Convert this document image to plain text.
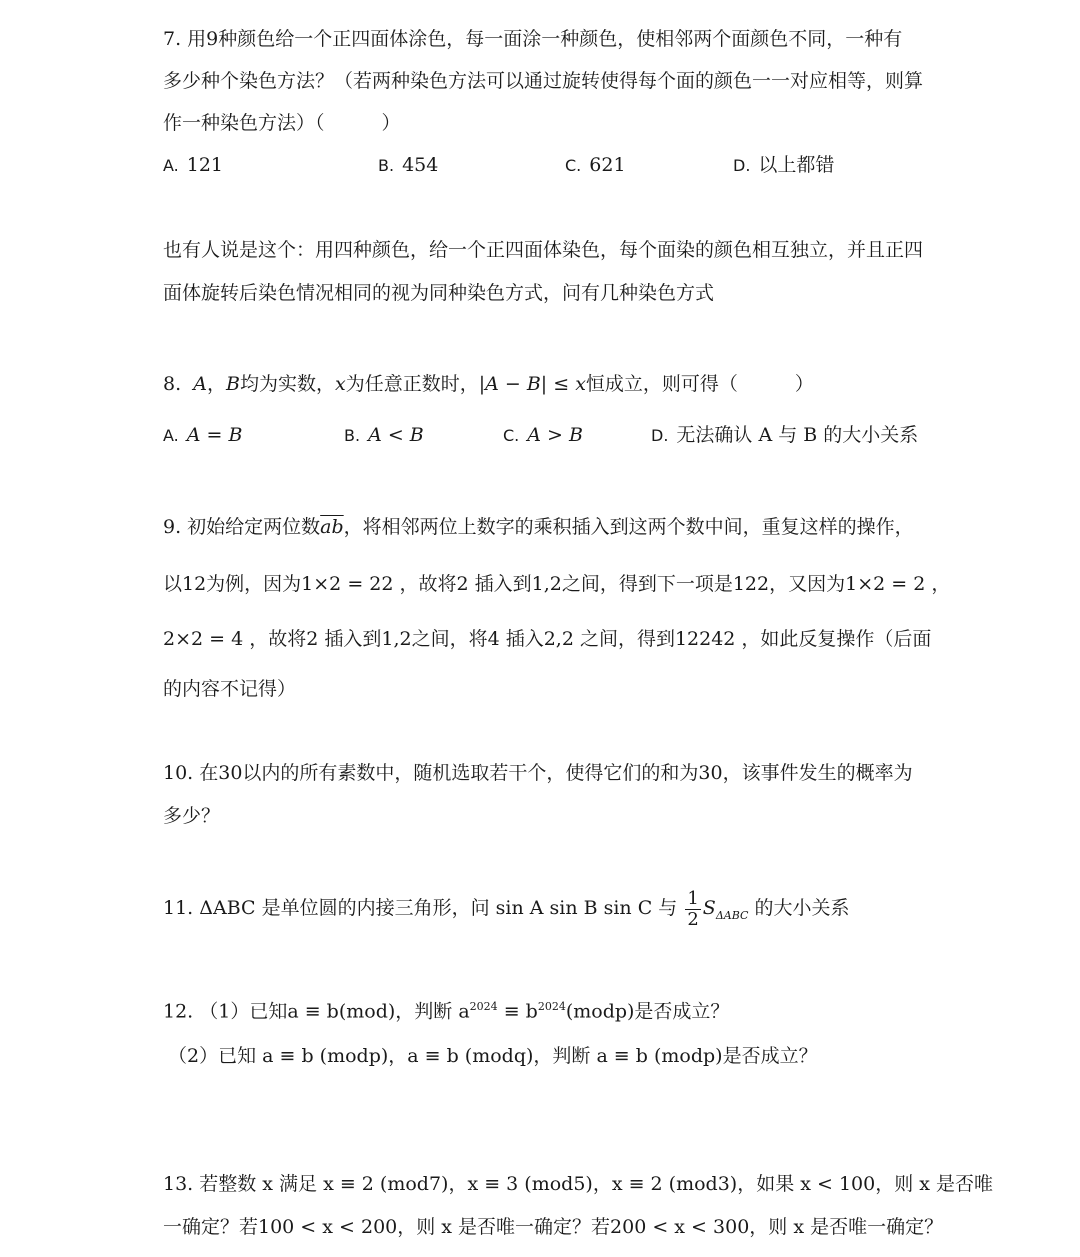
7. 用9种颜色给一个正四面体涂色，每一面涂一种颜色，使相邻两个面颜色不同，一种有
多少种个染色方法？（若两种染色方法可以通过旋转使得每个面的颜色一一对应相等，则算
作一种染色方法）（　　　）
A. 121	B. 454	C. 621	D. 以上都错
也有人说是这个：用四种颜色，给一个正四面体染色，每个面染的颜色相互独立，并且正四
面体旋转后染色情况相同的视为同种染色方式，问有几种染色方式
8. A，B均为实数，x为任意正数时，|A − B| ≤ x恒成立，则可得（　　　）
A. A = B	B. A < B	C. A > B	D. 无法确认 A 与 B 的大小关系
9. 初始给定两位数$\overline{ab}$，将相邻两位上数字的乘积插入到这两个数中间，重复这样的操作，
以12为例，因为1×2 = 22 ，故将2 插入到1,2之间，得到下一项是122，又因为1×2 = 2 ，
2×2 = 4 ，故将2 插入到1,2之间，将4 插入2,2 之间，得到12242 ，如此反复操作（后面
的内容不记得）
10. 在30以内的所有素数中，随机选取若干个，使得它们的和为30，该事件发生的概率为
多少？
11. ΔABC 是单位圆的内接三角形，问 sin A sin B sin C 与 $\frac{1}{2} S_{\Delta ABC}$ 的大小关系
12. （1）已知a ≡ b(mod)，判断 $a^{2024}$ ≡ $b^{2024}(modp)$是否成立？
（2）已知 a ≡ b (modp)，a ≡ b (modq)，判断 a ≡ b (modp)是否成立？
13. 若整数 x 满足 x ≡ 2 (mod7)，x ≡ 3 (mod5)，x ≡ 2 (mod3)，如果 x < 100，则 x 是否唯
一确定？若100 < x < 200，则 x 是否唯一确定？若200 < x < 300，则 x 是否唯一确定？
